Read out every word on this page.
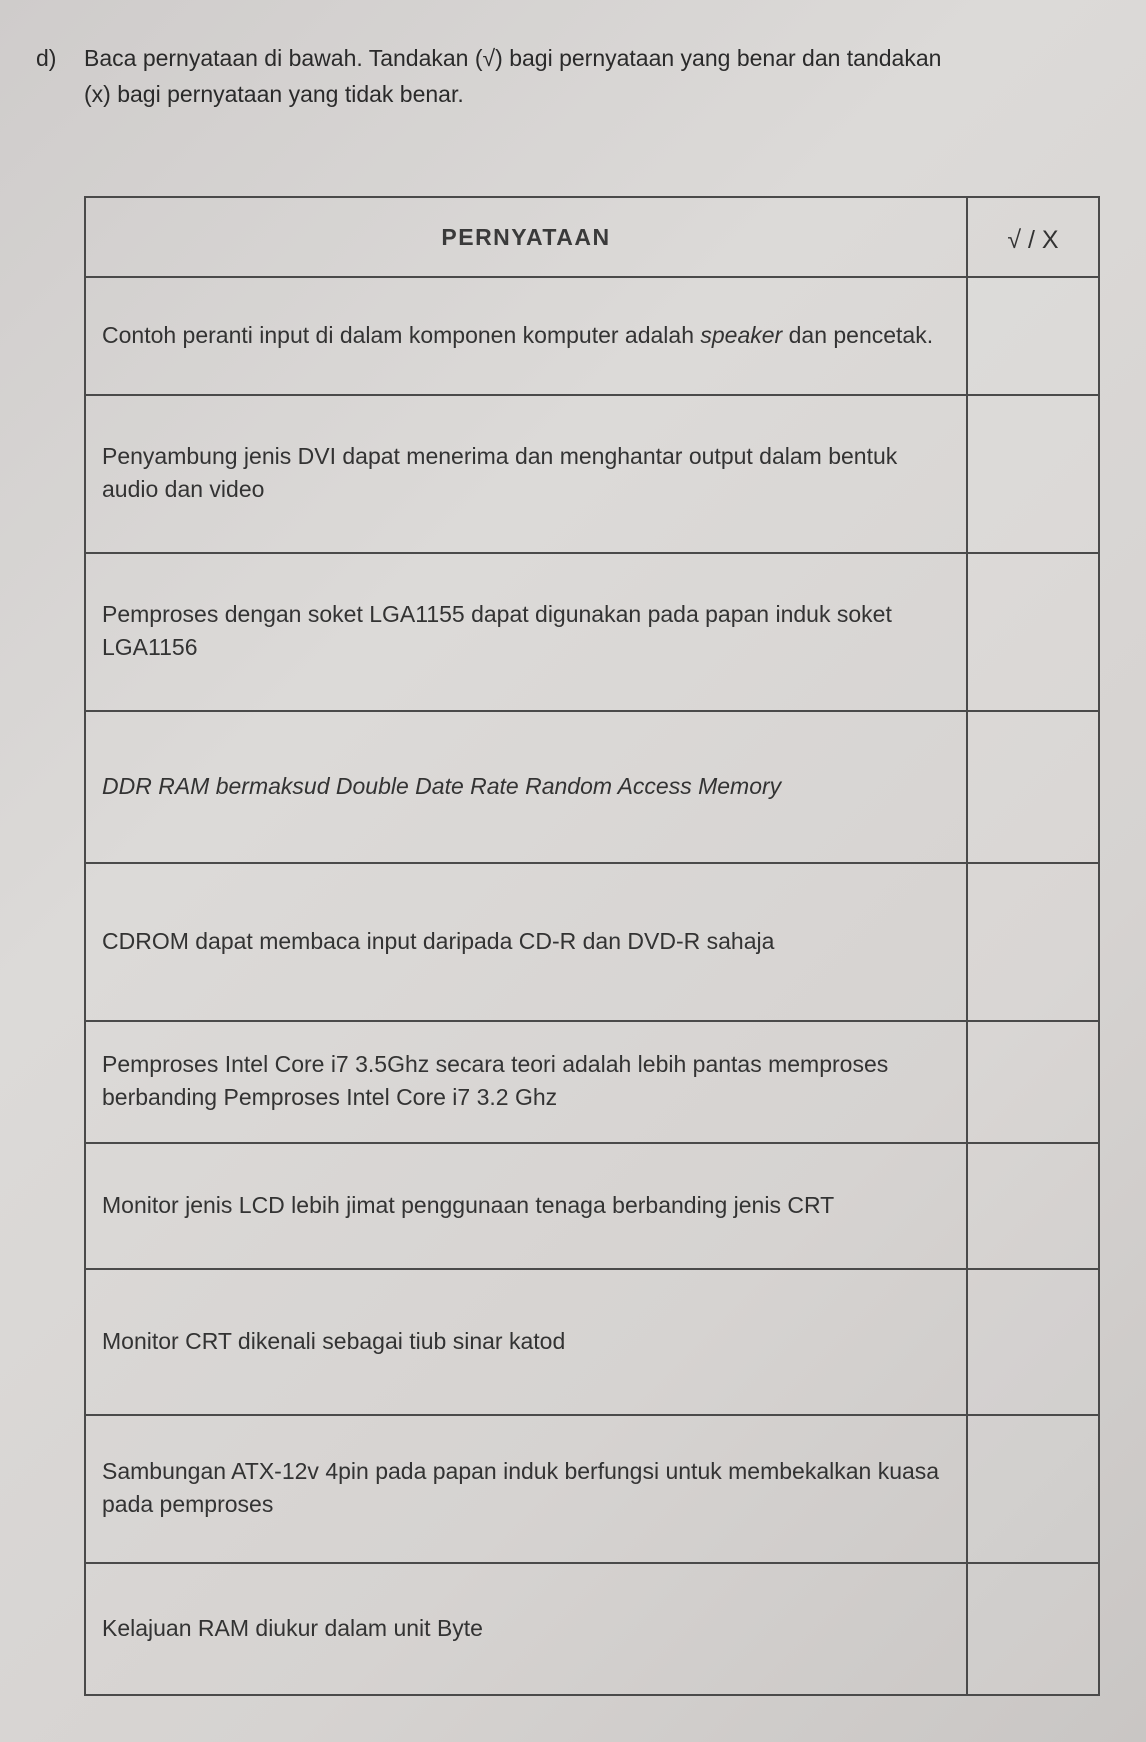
d) Baca pernyataan di bawah. Tandakan (√) bagi pernyataan yang benar dan tandakan
(x) bagi pernyataan yang tidak benar.
PERNYATAAN	√ / X
Contoh peranti input di dalam komponen komputer adalah speaker dan pencetak.	
Penyambung jenis DVI dapat menerima dan menghantar output dalam bentuk audio dan video	
Pemproses dengan soket LGA1155 dapat digunakan pada papan induk soket LGA1156	
DDR RAM bermaksud Double Date Rate Random Access Memory	
CDROM dapat membaca input daripada CD-R dan DVD-R sahaja	
Pemproses Intel Core i7 3.5Ghz secara teori adalah lebih pantas memproses berbanding Pemproses Intel Core i7 3.2 Ghz	
Monitor jenis LCD lebih jimat penggunaan tenaga berbanding jenis CRT	
Monitor CRT dikenali sebagai tiub sinar katod	
Sambungan ATX-12v 4pin pada papan induk berfungsi untuk membekalkan kuasa pada pemproses	
Kelajuan RAM diukur dalam unit Byte	
